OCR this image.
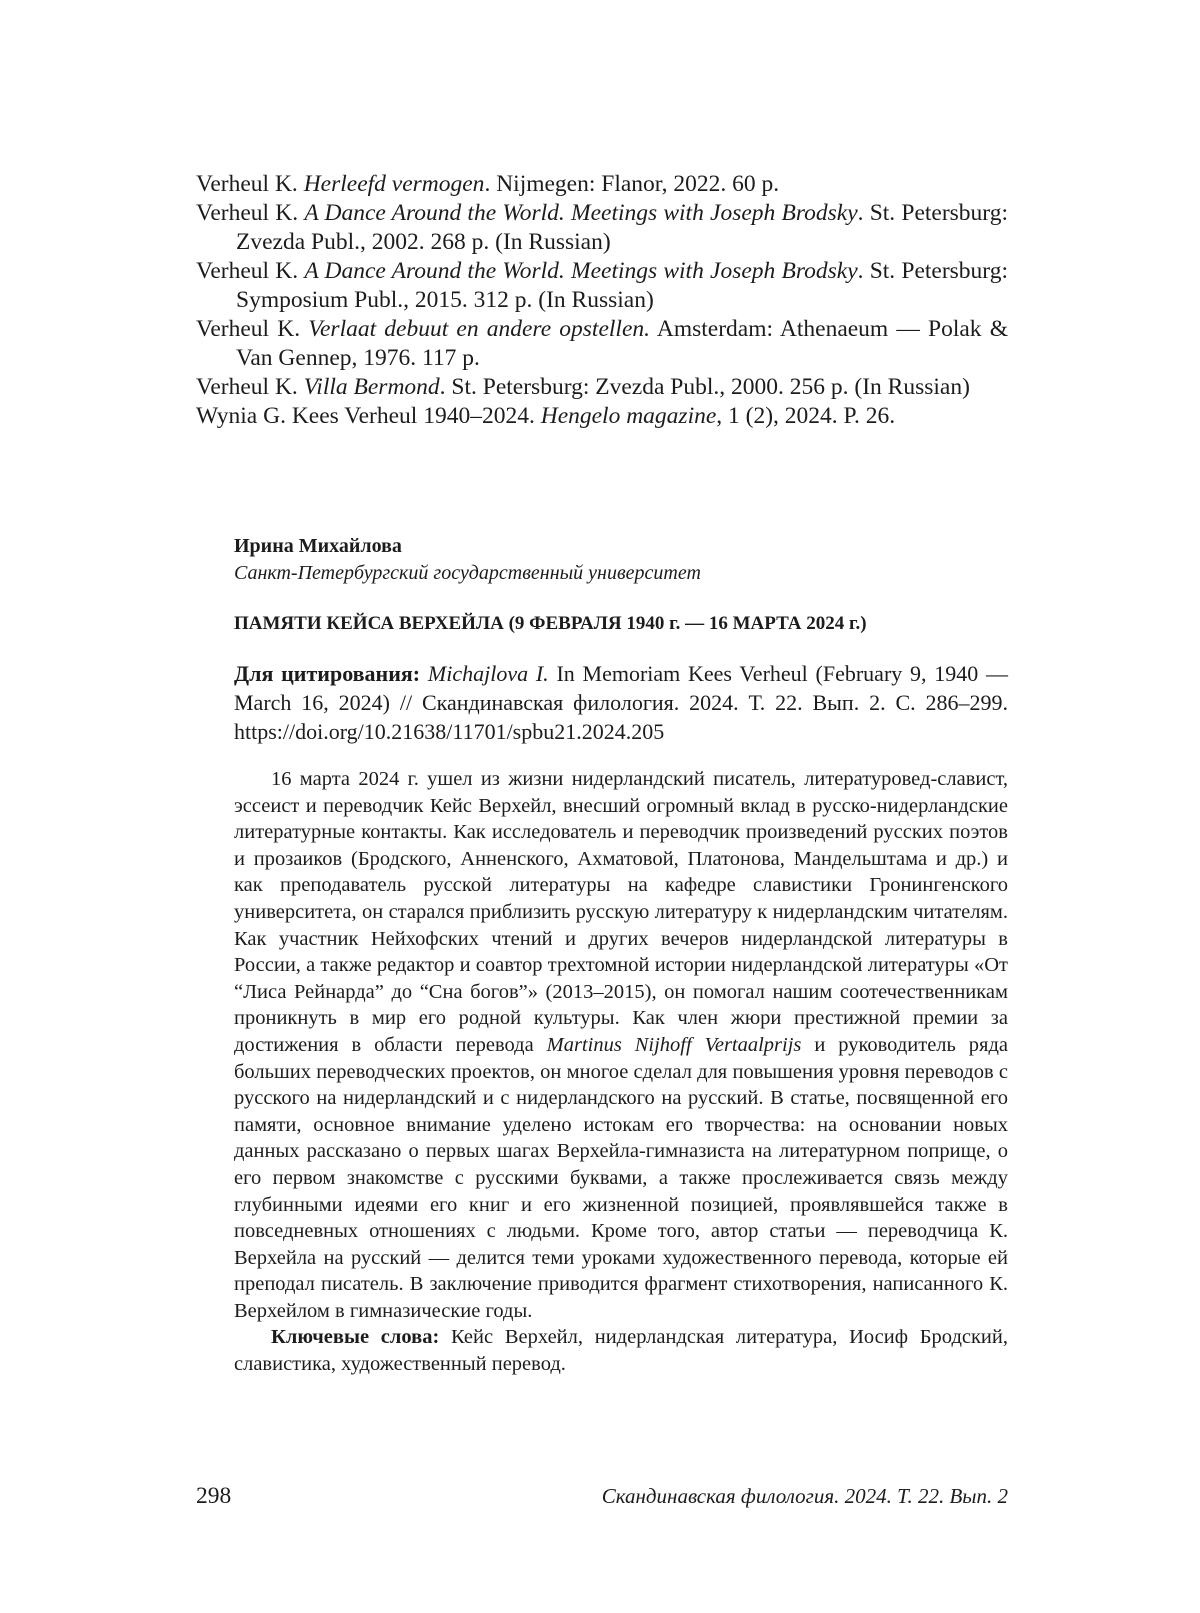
Verheul K. Herleefd vermogen. Nijmegen: Flanor, 2022. 60 p.
Verheul K. A Dance Around the World. Meetings with Joseph Brodsky. St. Petersburg: Zvezda Publ., 2002. 268 p. (In Russian)
Verheul K. A Dance Around the World. Meetings with Joseph Brodsky. St. Petersburg: Symposium Publ., 2015. 312 p. (In Russian)
Verheul K. Verlaat debuut en andere opstellen. Amsterdam: Athenaeum — Polak & Van Gennep, 1976. 117 p.
Verheul K. Villa Bermond. St. Petersburg: Zvezda Publ., 2000. 256 p. (In Russian)
Wynia G. Kees Verheul 1940–2024. Hengelo magazine, 1 (2), 2024. P. 26.
Ирина Михайлова
Санкт-Петербургский государственный университет
ПАМЯТИ КЕЙСА ВЕРХЕЙЛА (9 ФЕВРАЛЯ 1940 г. — 16 МАРТА 2024 г.)
Для цитирования: Michajlova I. In Memoriam Kees Verheul (February 9, 1940 — March 16, 2024) // Скандинавская филология. 2024. Т. 22. Вып. 2. С. 286–299. https://doi.org/10.21638/11701/spbu21.2024.205

16 марта 2024 г. ушел из жизни нидерландский писатель, литературовед-славист, эссеист и переводчик Кейс Верхейл, внесший огромный вклад в русско-нидерландские литературные контакты. Как исследователь и переводчик произведений русских поэтов и прозаиков (Бродского, Анненского, Ахматовой, Платонова, Мандельштама и др.) и как преподаватель русской литературы на кафедре славистики Гронингенского университета, он старался приблизить русскую литературу к нидерландским читателям. Как участник Нейхофских чтений и других вечеров нидерландской литературы в России, а также редактор и соавтор трехтомной истории нидерландской литературы «От “Лиса Рейнарда” до “Сна богов”» (2013–2015), он помогал нашим соотечественникам проникнуть в мир его родной культуры. Как член жюри престижной премии за достижения в области перевода Martinus Nijhoff Vertaalprijs и руководитель ряда больших переводческих проектов, он многое сделал для повышения уровня переводов с русского на нидерландский и с нидерландского на русский. В статье, посвященной его памяти, основное внимание уделено истокам его творчества: на основании новых данных рассказано о первых шагах Верхейла-гимназиста на литературном поприще, о его первом знакомстве с русскими буквами, а также прослеживается связь между глубинными идеями его книг и его жизненной позицией, проявлявшейся также в повседневных отношениях с людьми. Кроме того, автор статьи — переводчица К. Верхейла на русский — делится теми уроками художественного перевода, которые ей преподал писатель. В заключение приводится фрагмент стихотворения, написанного К. Верхейлом в гимназические годы.

Ключевые слова: Кейс Верхейл, нидерландская литература, Иосиф Бродский, славистика, художественный перевод.

298	Скандинавская филология. 2024. Т. 22. Вып. 2
